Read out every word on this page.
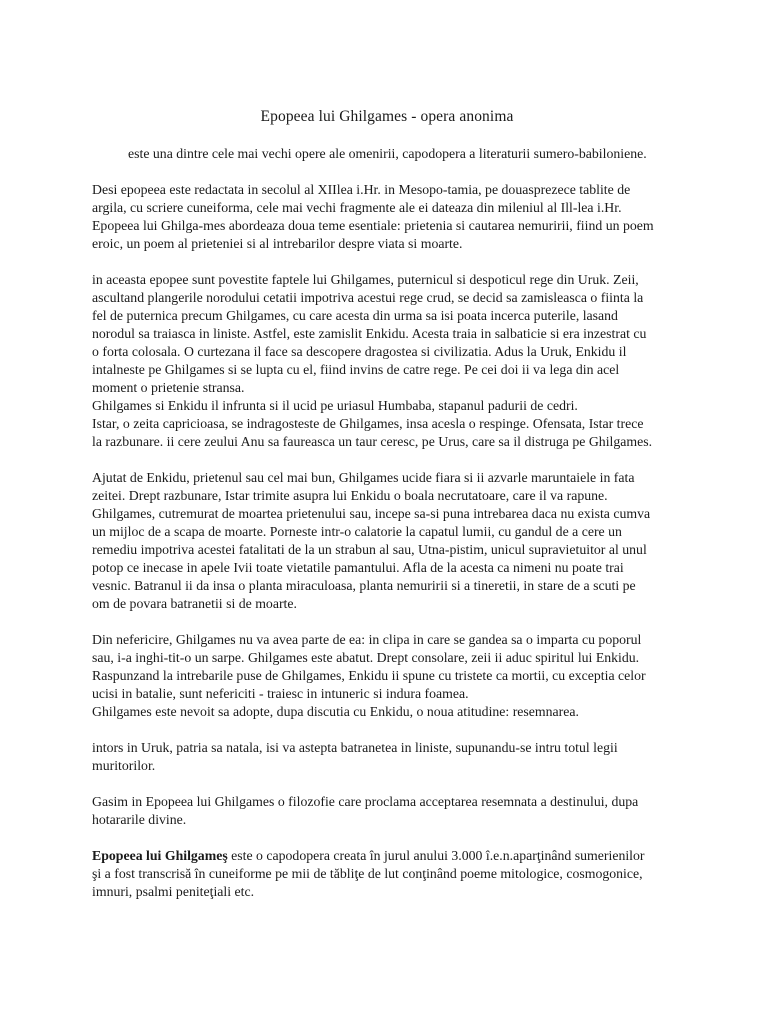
Epopeea lui Ghilgames - opera anonima

este una dintre cele mai vechi opere ale omenirii, capodopera a literaturii sumero-babiloniene.

Desi epopeea este redactata in secolul al XIIlea i.Hr. in Mesopo-tamia, pe douasprezece tablite de argila, cu scriere cuneiforma, cele mai vechi fragmente ale ei dateaza din mileniul al Ill-lea i.Hr.

Epopeea lui Ghilga-mes abordeaza doua teme esentiale: prietenia si cautarea nemuririi, fiind un poem eroic, un poem al prieteniei si al intrebarilor despre viata si moarte.

in aceasta epopee sunt povestite faptele lui Ghilgames, puternicul si despoticul rege din Uruk. Zeii, ascultand plangerile norodului cetatii impotriva acestui rege crud, se decid sa zamisleasca o fiinta la fel de puternica precum Ghilgames, cu care acesta din urma sa isi poata incerca puterile, lasand norodul sa traiasca in liniste. Astfel, este zamislit Enkidu. Acesta traia in salbaticie si era inzestrat cu o forta colosala. O curtezana il face sa descopere dragostea si civilizatia. Adus la Uruk, Enkidu il intalneste pe Ghilgames si se lupta cu el, fiind invins de catre rege. Pe cei doi ii va lega din acel moment o prietenie stransa.

Ghilgames si Enkidu il infrunta si il ucid pe uriasul Humbaba, stapanul padurii de cedri.

Istar, o zeita capricioasa, se indragosteste de Ghilgames, insa acesla o respinge. Ofensata, Istar trece la razbunare. ii cere zeului Anu sa faureasca un taur ceresc, pe Urus, care sa il distruga pe Ghilgames.

Ajutat de Enkidu, prietenul sau cel mai bun, Ghilgames ucide fiara si ii azvarle maruntaiele in fata zeitei. Drept razbunare, Istar trimite asupra lui Enkidu o boala necrutatoare, care il va rapune.

Ghilgames, cutremurat de moartea prietenului sau, incepe sa-si puna intrebarea daca nu exista cumva un mijloc de a scapa de moarte. Porneste intr-o calatorie la capatul lumii, cu gandul de a cere un remediu impotriva acestei fatalitati de la un strabun al sau, Utna-pistim, unicul supravietuitor al unul potop ce inecase in apele Ivii toate vietatile pamantului. Afla de la acesta ca nimeni nu poate trai vesnic. Batranul ii da insa o planta miraculoasa, planta nemuririi si a tineretii, in stare de a scuti pe om de povara batranetii si de moarte.

Din nefericire, Ghilgames nu va avea parte de ea: in clipa in care se gandea sa o imparta cu poporul sau, i-a inghi-tit-o un sarpe. Ghilgames este abatut. Drept consolare, zeii ii aduc spiritul lui Enkidu. Raspunzand la intrebarile puse de Ghilgames, Enkidu ii spune cu tristete ca mortii, cu exceptia celor ucisi in batalie, sunt nefericiti - traiesc in intuneric si indura foamea.

Ghilgames este nevoit sa adopte, dupa discutia cu Enkidu, o noua atitudine: resemnarea.

intors in Uruk, patria sa natala, isi va astepta batranetea in liniste, supunandu-se intru totul legii muritorilor.

Gasim in Epopeea lui Ghilgames o filozofie care proclama acceptarea resemnata a destinului, dupa hotararile divine.

Epopeea lui Ghilgameş este o capodopera creata în jurul anului 3.000 î.e.n.aparţinând sumerienilor şi a fost transcrisă în cuneiforme pe mii de tăbliţe de lut conţinând poeme mitologice, cosmogonice, imnuri, psalmi peniteţiali etc.
